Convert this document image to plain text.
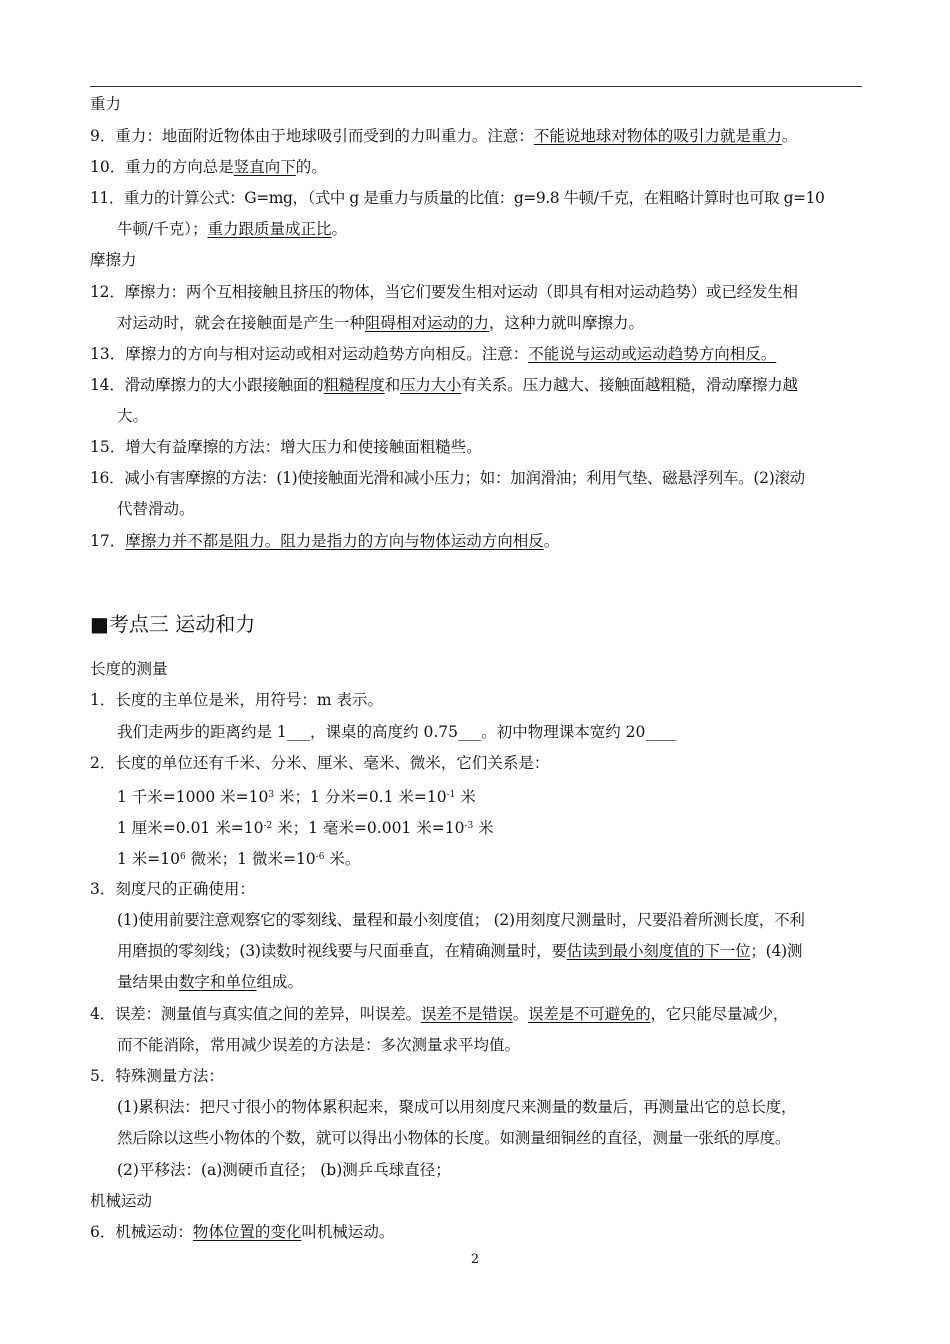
重力
9．重力：地面附近物体由于地球吸引而受到的力叫重力。注意：不能说地球对物体的吸引力就是重力。
10．重力的方向总是竖直向下的。
11．重力的计算公式：G=mg，（式中 g 是重力与质量的比值：g=9.8 牛顿/千克，在粗略计算时也可取 g=10
牛顿/千克）；重力跟质量成正比。
摩擦力
12．摩擦力：两个互相接触且挤压的物体，当它们要发生相对运动（即具有相对运动趋势）或已经发生相
对运动时，就会在接触面是产生一种阻碍相对运动的力，这种力就叫摩擦力。
13．摩擦力的方向与相对运动或相对运动趋势方向相反。注意：不能说与运动或运动趋势方向相反。
14．滑动摩擦力的大小跟接触面的粗糙程度和压力大小有关系。压力越大、接触面越粗糙，滑动摩擦力越
大。
15．增大有益摩擦的方法：增大压力和使接触面粗糙些。
16．减小有害摩擦的方法：(1)使接触面光滑和减小压力；如：加润滑油；利用气垫、磁悬浮列车。(2)滚动
代替滑动。
17．摩擦力并不都是阻力。阻力是指力的方向与物体运动方向相反。
■考点三 运动和力
长度的测量
1．长度的主单位是米，用符号：m 表示。
我们走两步的距离约是 1___，课桌的高度约 0.75___。初中物理课本宽约 20____
2．长度的单位还有千米、分米、厘米、毫米、微米，它们关系是：
1 千米=1000 米$=10^3$ 米；1 分米=0.1 米$=10^{-1}$ 米
1 厘米=0.01 米$=10^{-2}$ 米；1 毫米=0.001 米$=10^{-3}$ 米
1 米$=10^6$ 微米；1 微米$=10^{-6}$ 米。
3．刻度尺的正确使用：
(1)使用前要注意观察它的零刻线、量程和最小刻度值； (2)用刻度尺测量时，尺要沿着所测长度，不利
用磨损的零刻线；(3)读数时视线要与尺面垂直，在精确测量时，要估读到最小刻度值的下一位；(4)测
量结果由数字和单位组成。
4．误差：测量值与真实值之间的差异，叫误差。误差不是错误。误差是不可避免的，它只能尽量减少，
而不能消除，常用减少误差的方法是：多次测量求平均值。
5．特殊测量方法：
(1)累积法：把尺寸很小的物体累积起来，聚成可以用刻度尺来测量的数量后，再测量出它的总长度，
然后除以这些小物体的个数，就可以得出小物体的长度。如测量细铜丝的直径，测量一张纸的厚度。
(2)平移法：(a)测硬币直径； (b)测乒乓球直径；
机械运动
6．机械运动：物体位置的变化叫机械运动。
2
